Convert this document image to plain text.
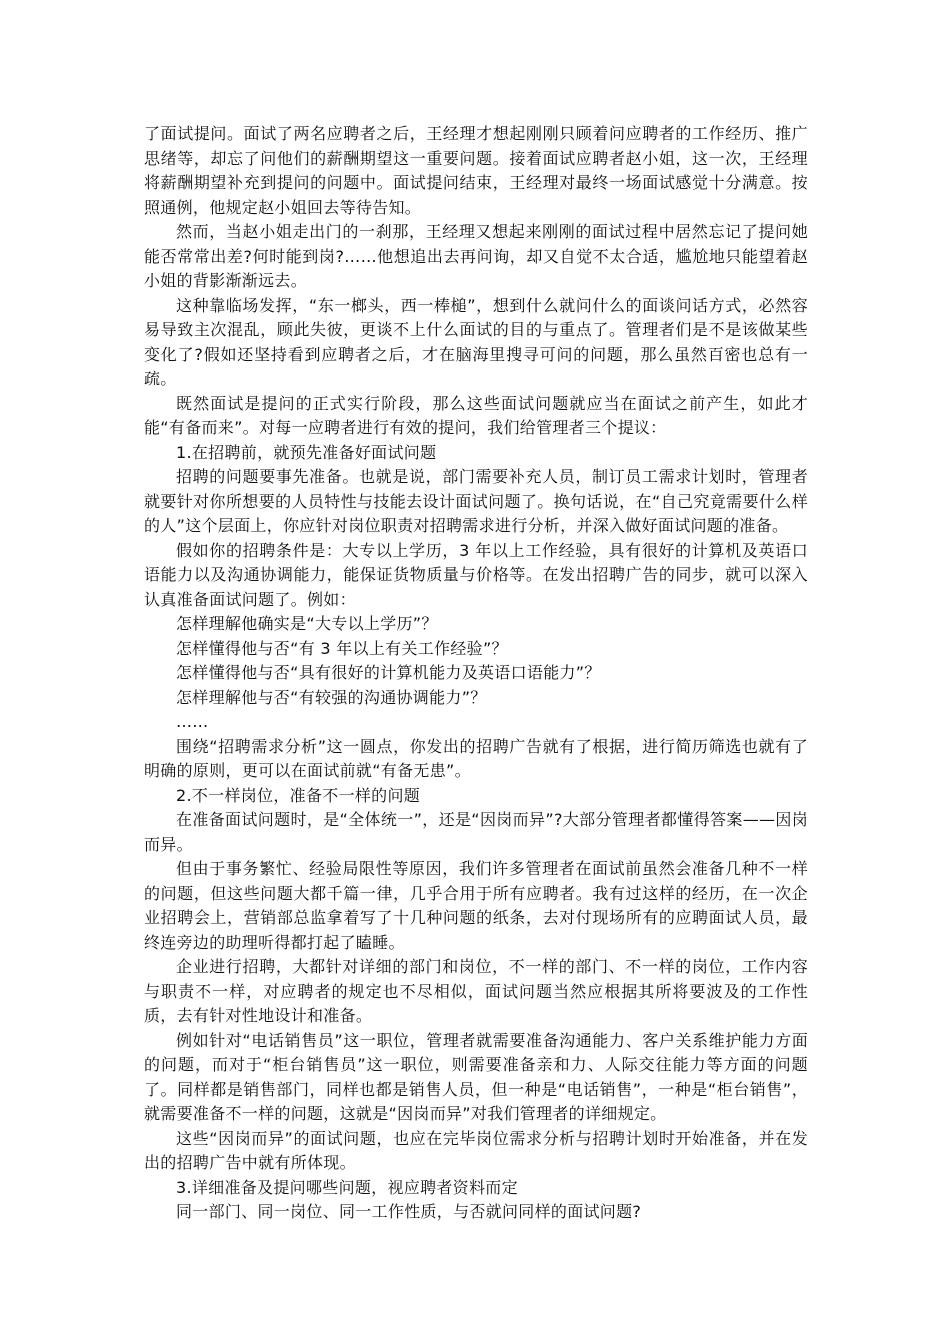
了面试提问。面试了两名应聘者之后，王经理才想起刚刚只顾着问应聘者的工作经历、推广思绪等，却忘了问他们的薪酬期望这一重要问题。接着面试应聘者赵小姐，这一次，王经理将薪酬期望补充到提问的问题中。面试提问结束，王经理对最终一场面试感觉十分满意。按照通例，他规定赵小姐回去等待告知。

然而，当赵小姐走出门的一刹那，王经理又想起来刚刚的面试过程中居然忘记了提问她能否常常出差?何时能到岗?……他想追出去再问询，却又自觉不太合适，尴尬地只能望着赵小姐的背影渐渐远去。

这种靠临场发挥，“东一榔头，西一棒槌”，想到什么就问什么的面谈问话方式，必然容易导致主次混乱，顾此失彼，更谈不上什么面试的目的与重点了。管理者们是不是该做某些变化了?假如还坚持看到应聘者之后，才在脑海里搜寻可问的问题，那么虽然百密也总有一疏。

既然面试是提问的正式实行阶段，那么这些面试问题就应当在面试之前产生，如此才能“有备而来”。对每一应聘者进行有效的提问，我们给管理者三个提议：

1.在招聘前，就预先准备好面试问题

招聘的问题要事先准备。也就是说，部门需要补充人员，制订员工需求计划时，管理者就要针对你所想要的人员特性与技能去设计面试问题了。换句话说，在“自己究竟需要什么样的人”这个层面上，你应针对岗位职责对招聘需求进行分析，并深入做好面试问题的准备。

假如你的招聘条件是：大专以上学历，3 年以上工作经验，具有很好的计算机及英语口语能力以及沟通协调能力，能保证货物质量与价格等。在发出招聘广告的同步，就可以深入认真准备面试问题了。例如：

怎样理解他确实是“大专以上学历”？

怎样懂得他与否“有 3 年以上有关工作经验”？

怎样懂得他与否“具有很好的计算机能力及英语口语能力”？

怎样理解他与否“有较强的沟通协调能力”？

……

围绕“招聘需求分析”这一圆点，你发出的招聘广告就有了根据，进行简历筛选也就有了明确的原则，更可以在面试前就“有备无患”。

2.不一样岗位，准备不一样的问题

在准备面试问题时，是“全体统一”，还是“因岗而异”?大部分管理者都懂得答案——因岗而异。

但由于事务繁忙、经验局限性等原因，我们许多管理者在面试前虽然会准备几种不一样的问题，但这些问题大都千篇一律，几乎合用于所有应聘者。我有过这样的经历，在一次企业招聘会上，营销部总监拿着写了十几种问题的纸条，去对付现场所有的应聘面试人员，最终连旁边的助理听得都打起了瞌睡。

企业进行招聘，大都针对详细的部门和岗位，不一样的部门、不一样的岗位，工作内容与职责不一样，对应聘者的规定也不尽相似，面试问题当然应根据其所将要波及的工作性质，去有针对性地设计和准备。

例如针对“电话销售员”这一职位，管理者就需要准备沟通能力、客户关系维护能力方面的问题，而对于“柜台销售员”这一职位，则需要准备亲和力、人际交往能力等方面的问题了。同样都是销售部门，同样也都是销售人员，但一种是“电话销售”，一种是“柜台销售”，就需要准备不一样的问题，这就是“因岗而异”对我们管理者的详细规定。

这些“因岗而异”的面试问题，也应在完毕岗位需求分析与招聘计划时开始准备，并在发出的招聘广告中就有所体现。

3.详细准备及提问哪些问题，视应聘者资料而定

同一部门、同一岗位、同一工作性质，与否就问同样的面试问题?
